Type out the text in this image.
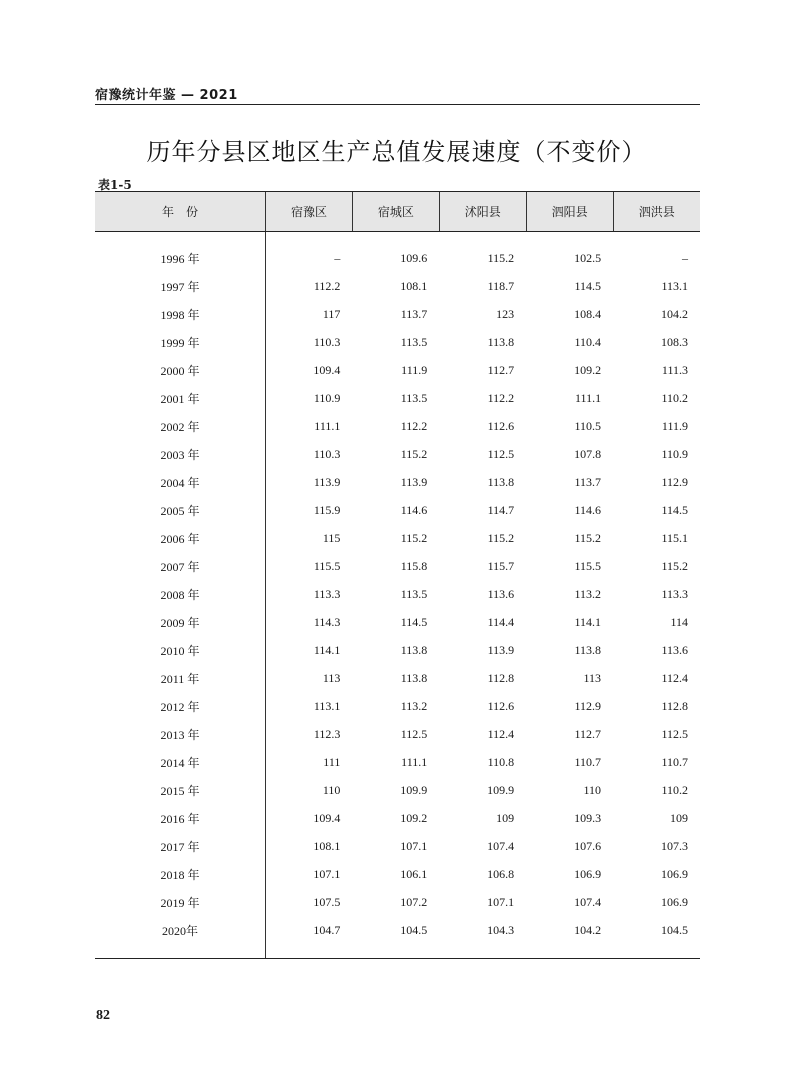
宿豫统计年鉴 — 2021
历年分县区地区生产总值发展速度（不变价）
表1-5
年　份	宿豫区	宿城区	沭阳县	泗阳县	泗洪县

1996 年	–	109.6	115.2	102.5	–
1997 年	112.2	108.1	118.7	114.5	113.1
1998 年	117	113.7	123	108.4	104.2
1999 年	110.3	113.5	113.8	110.4	108.3
2000 年	109.4	111.9	112.7	109.2	111.3
2001 年	110.9	113.5	112.2	111.1	110.2
2002 年	111.1	112.2	112.6	110.5	111.9
2003 年	110.3	115.2	112.5	107.8	110.9
2004 年	113.9	113.9	113.8	113.7	112.9
2005 年	115.9	114.6	114.7	114.6	114.5
2006 年	115	115.2	115.2	115.2	115.1
2007 年	115.5	115.8	115.7	115.5	115.2
2008 年	113.3	113.5	113.6	113.2	113.3
2009 年	114.3	114.5	114.4	114.1	114
2010 年	114.1	113.8	113.9	113.8	113.6
2011 年	113	113.8	112.8	113	112.4
2012 年	113.1	113.2	112.6	112.9	112.8
2013 年	112.3	112.5	112.4	112.7	112.5
2014 年	111	111.1	110.8	110.7	110.7
2015 年	110	109.9	109.9	110	110.2
2016 年	109.4	109.2	109	109.3	109
2017 年	108.1	107.1	107.4	107.6	107.3
2018 年	107.1	106.1	106.8	106.9	106.9
2019 年	107.5	107.2	107.1	107.4	106.9
2020年	104.7	104.5	104.3	104.2	104.5

82
